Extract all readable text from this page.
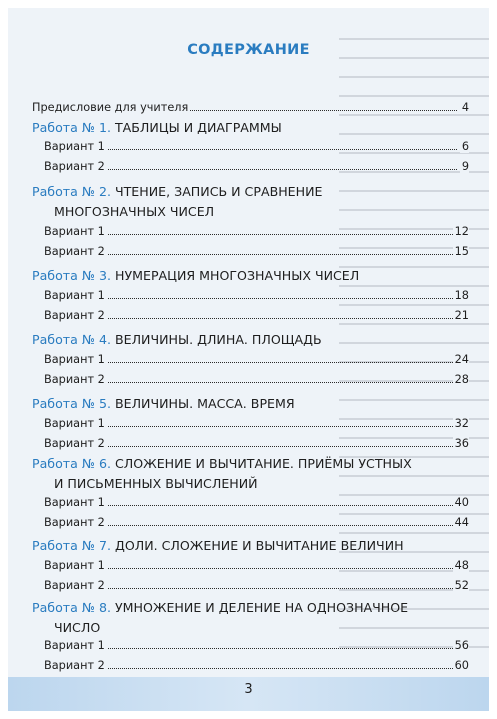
СОДЕРЖАНИЕ
Предисловие для учителя	4
Работа № 1. ТАБЛИЦЫ И ДИАГРАММЫ
Вариант 1	6
Вариант 2	9
Работа № 2. ЧТЕНИЕ, ЗАПИСЬ И СРАВНЕНИЕ
МНОГОЗНАЧНЫХ ЧИСЕЛ
Вариант 1	12
Вариант 2	15
Работа № 3. НУМЕРАЦИЯ МНОГОЗНАЧНЫХ ЧИСЕЛ
Вариант 1	18
Вариант 2	21
Работа № 4. ВЕЛИЧИНЫ. ДЛИНА. ПЛОЩАДЬ
Вариант 1	24
Вариант 2	28
Работа № 5. ВЕЛИЧИНЫ. МАССА. ВРЕМЯ
Вариант 1	32
Вариант 2	36
Работа № 6. СЛОЖЕНИЕ И ВЫЧИТАНИЕ. ПРИЁМЫ УСТНЫХ
И ПИСЬМЕННЫХ ВЫЧИСЛЕНИЙ
Вариант 1	40
Вариант 2	44
Работа № 7. ДОЛИ. СЛОЖЕНИЕ И ВЫЧИТАНИЕ ВЕЛИЧИН
Вариант 1	48
Вариант 2	52
Работа № 8. УМНОЖЕНИЕ И ДЕЛЕНИЕ НА ОДНОЗНАЧНОЕ
ЧИСЛО
Вариант 1	56
Вариант 2	60
3
